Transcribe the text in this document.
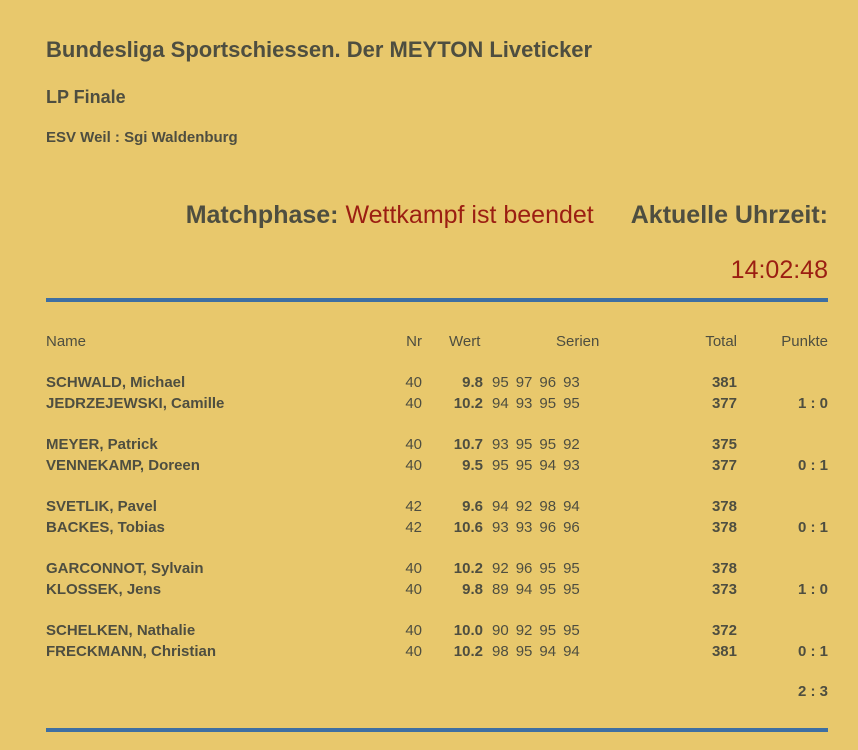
Bundesliga Sportschiessen. Der MEYTON Liveticker
LP Finale
ESV Weil : Sgi Waldenburg
Matchphase: Wettkampf ist beendet Aktuelle Uhrzeit:
14:02:48
Name	Nr Wert	Serien	Total	Punkte
SCHWALD, Michael	40	9.8 95 97 96 93	381
JEDRZEJEWSKI, Camille	40	10.2 94 93 95 95	377	1 : 0
MEYER, Patrick	40	10.7 93 95 95 92	375
VENNEKAMP, Doreen	40	9.5 95 95 94 93	377	0 : 1
SVETLIK, Pavel	42	9.6 94 92 98 94	378
BACKES, Tobias	42	10.6 93 93 96 96	378	0 : 1
GARCONNOT, Sylvain	40	10.2 92 96 95 95	378
KLOSSEK, Jens	40	9.8 89 94 95 95	373	1 : 0
SCHELKEN, Nathalie	40	10.0 90 92 95 95	372
FRECKMANN, Christian	40	10.2 98 95 94 94	381	0 : 1
2 : 3
